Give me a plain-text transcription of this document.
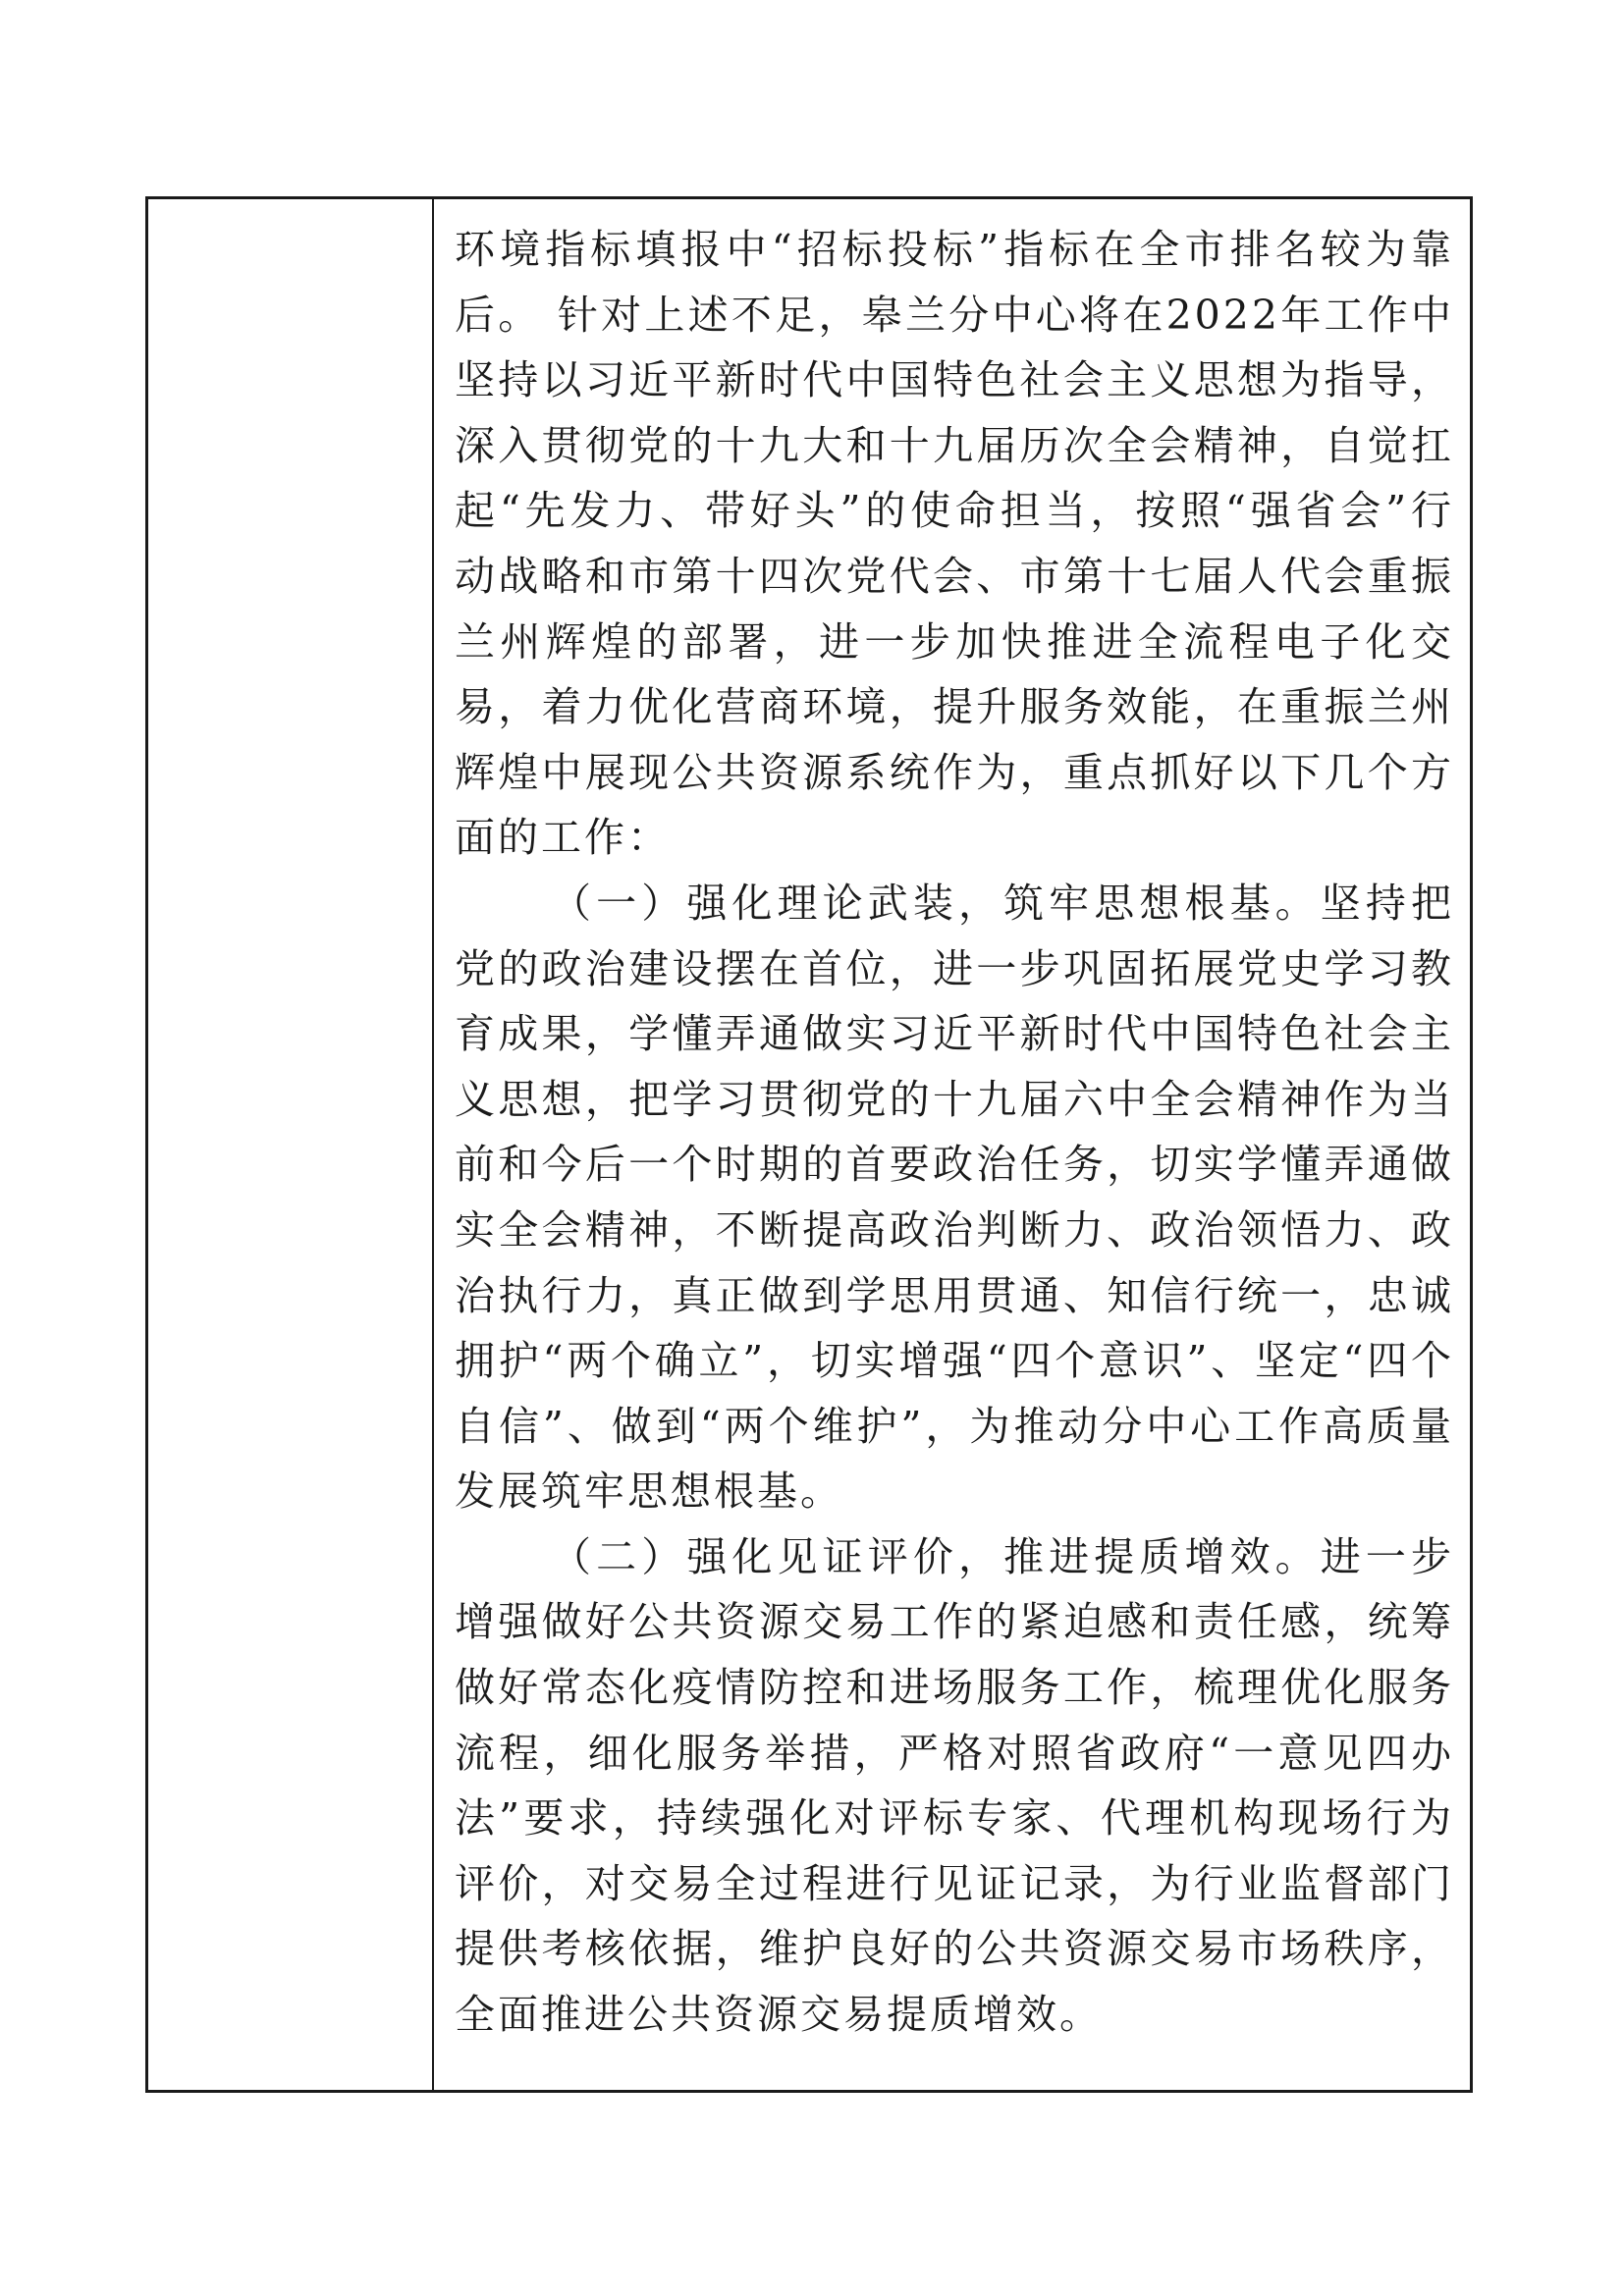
环境指标填报中“招标投标”指标在全市排名较为靠后。 针对上述不足，皋兰分中心将在2022年工作中坚持以习近平新时代中国特色社会主义思想为指导，深入贯彻党的十九大和十九届历次全会精神，自觉扛起“先发力、带好头”的使命担当，按照“强省会”行动战略和市第十四次党代会、市第十七届人代会重振兰州辉煌的部署，进一步加快推进全流程电子化交易，着力优化营商环境，提升服务效能，在重振兰州辉煌中展现公共资源系统作为，重点抓好以下几个方面的工作：

（一）强化理论武装，筑牢思想根基。坚持把党的政治建设摆在首位，进一步巩固拓展党史学习教育成果，学懂弄通做实习近平新时代中国特色社会主义思想，把学习贯彻党的十九届六中全会精神作为当前和今后一个时期的首要政治任务，切实学懂弄通做实全会精神，不断提高政治判断力、政治领悟力、政治执行力，真正做到学思用贯通、知信行统一，忠诚拥护“两个确立”，切实增强“四个意识”、坚定“四个自信”、做到“两个维护”，为推动分中心工作高质量发展筑牢思想根基。

（二）强化见证评价，推进提质增效。进一步增强做好公共资源交易工作的紧迫感和责任感，统筹做好常态化疫情防控和进场服务工作，梳理优化服务流程，细化服务举措，严格对照省政府“一意见四办法”要求，持续强化对评标专家、代理机构现场行为评价，对交易全过程进行见证记录，为行业监督部门提供考核依据，维护良好的公共资源交易市场秩序，全面推进公共资源交易提质增效。
